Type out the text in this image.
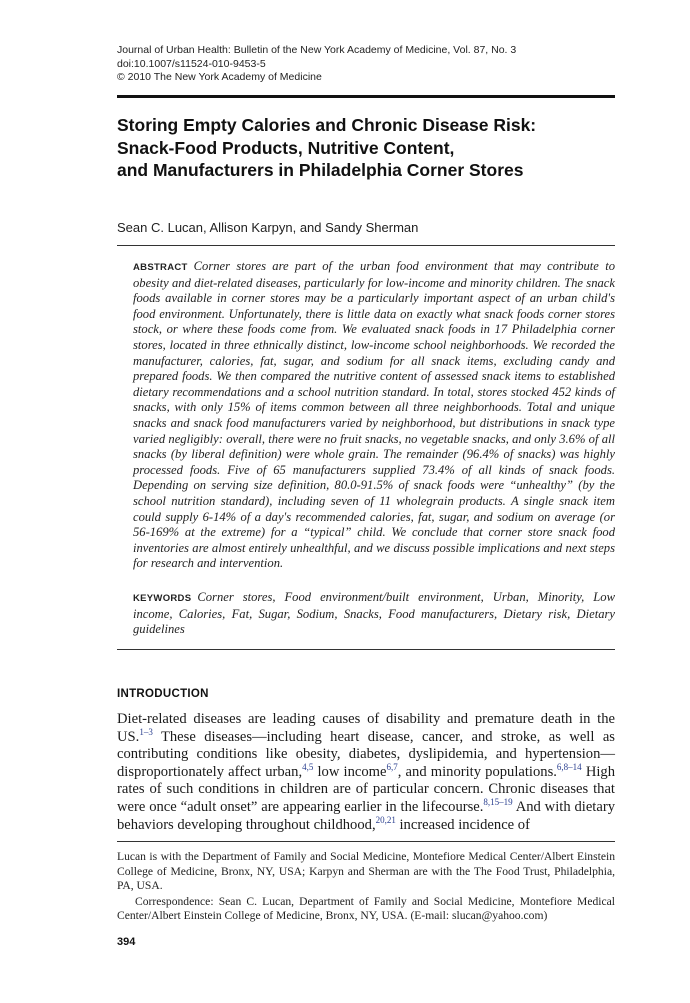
Journal of Urban Health: Bulletin of the New York Academy of Medicine, Vol. 87, No. 3
doi:10.1007/s11524-010-9453-5
© 2010 The New York Academy of Medicine
Storing Empty Calories and Chronic Disease Risk:
Snack-Food Products, Nutritive Content,
and Manufacturers in Philadelphia Corner Stores
Sean C. Lucan, Allison Karpyn, and Sandy Sherman
ABSTRACT Corner stores are part of the urban food environment that may contribute to obesity and diet-related diseases, particularly for low-income and minority children. The snack foods available in corner stores may be a particularly important aspect of an urban child's food environment. Unfortunately, there is little data on exactly what snack foods corner stores stock, or where these foods come from. We evaluated snack foods in 17 Philadelphia corner stores, located in three ethnically distinct, low-income school neighborhoods. We recorded the manufacturer, calories, fat, sugar, and sodium for all snack items, excluding candy and prepared foods. We then compared the nutritive content of assessed snack items to established dietary recommendations and a school nutrition standard. In total, stores stocked 452 kinds of snacks, with only 15% of items common between all three neighborhoods. Total and unique snacks and snack food manufacturers varied by neighborhood, but distributions in snack type varied negligibly: overall, there were no fruit snacks, no vegetable snacks, and only 3.6% of all snacks (by liberal definition) were whole grain. The remainder (96.4% of snacks) was highly processed foods. Five of 65 manufacturers supplied 73.4% of all kinds of snack foods. Depending on serving size definition, 80.0-91.5% of snack foods were “unhealthy” (by the school nutrition standard), including seven of 11 wholegrain products. A single snack item could supply 6-14% of a day's recommended calories, fat, sugar, and sodium on average (or 56-169% at the extreme) for a “typical” child. We conclude that corner store snack food inventories are almost entirely unhealthful, and we discuss possible implications and next steps for research and intervention.
KEYWORDS Corner stores, Food environment/built environment, Urban, Minority, Low income, Calories, Fat, Sugar, Sodium, Snacks, Food manufacturers, Dietary risk, Dietary guidelines
INTRODUCTION
Diet-related diseases are leading causes of disability and premature death in the US.$^{1-3}$ These diseases—including heart disease, cancer, and stroke, as well as contributing conditions like obesity, diabetes, dyslipidemia, and hypertension—disproportionately affect urban,$^{4,5}$ low income$^{6,7}$, and minority populations.$^{6,8-14}$ High rates of such conditions in children are of particular concern. Chronic diseases that were once “adult onset” are appearing earlier in the lifecourse.$^{8,15-19}$ And with dietary behaviors developing throughout childhood,$^{20,21}$ increased incidence of

Lucan is with the Department of Family and Social Medicine, Montefiore Medical Center/Albert Einstein College of Medicine, Bronx, NY, USA; Karpyn and Sherman are with the The Food Trust, Philadelphia, PA, USA.

Correspondence: Sean C. Lucan, Department of Family and Social Medicine, Montefiore Medical Center/Albert Einstein College of Medicine, Bronx, NY, USA. (E-mail: slucan@yahoo.com)

394
